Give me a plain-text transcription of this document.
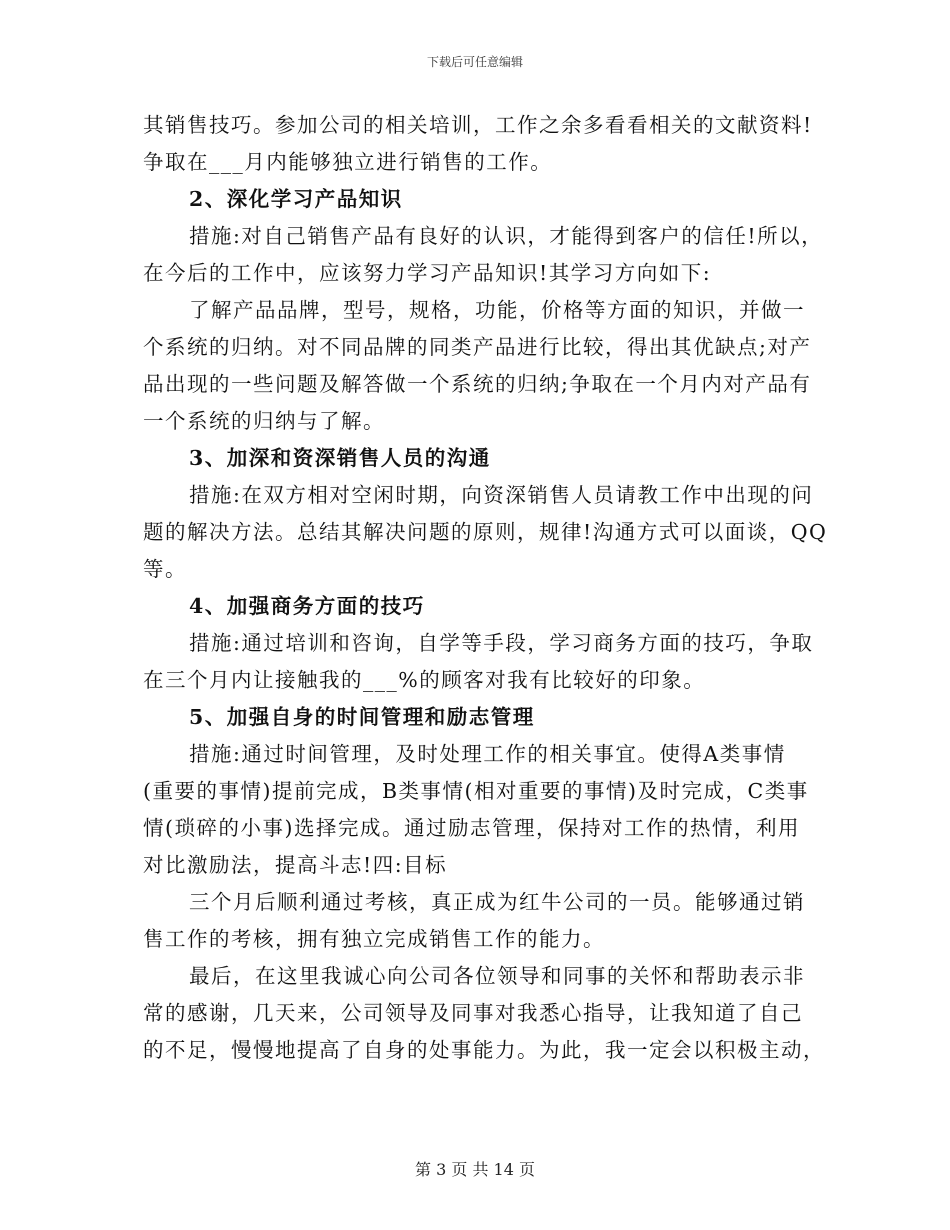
下载后可任意编辑
其销售技巧。参加公司的相关培训，工作之余多看看相关的文献资料!
争取在___月内能够独立进行销售的工作。
2、深化学习产品知识
措施:对自己销售产品有良好的认识，才能得到客户的信任!所以，
在今后的工作中，应该努力学习产品知识!其学习方向如下:
了解产品品牌，型号，规格，功能，价格等方面的知识，并做一
个系统的归纳。对不同品牌的同类产品进行比较，得出其优缺点;对产
品出现的一些问题及解答做一个系统的归纳;争取在一个月内对产品有
一个系统的归纳与了解。
3、加深和资深销售人员的沟通
措施:在双方相对空闲时期，向资深销售人员请教工作中出现的问
题的解决方法。总结其解决问题的原则，规律!沟通方式可以面谈，QQ
等。
4、加强商务方面的技巧
措施:通过培训和咨询，自学等手段，学习商务方面的技巧，争取
在三个月内让接触我的___%的顾客对我有比较好的印象。
5、加强自身的时间管理和励志管理
措施:通过时间管理，及时处理工作的相关事宜。使得A类事情
(重要的事情)提前完成，B类事情(相对重要的事情)及时完成，C类事
情(琐碎的小事)选择完成。通过励志管理，保持对工作的热情，利用
对比激励法，提高斗志!四:目标
三个月后顺利通过考核，真正成为红牛公司的一员。能够通过销
售工作的考核，拥有独立完成销售工作的能力。
最后，在这里我诚心向公司各位领导和同事的关怀和帮助表示非
常的感谢，几天来，公司领导及同事对我悉心指导，让我知道了自己
的不足，慢慢地提高了自身的处事能力。为此，我一定会以积极主动，
第 3 页 共 14 页
